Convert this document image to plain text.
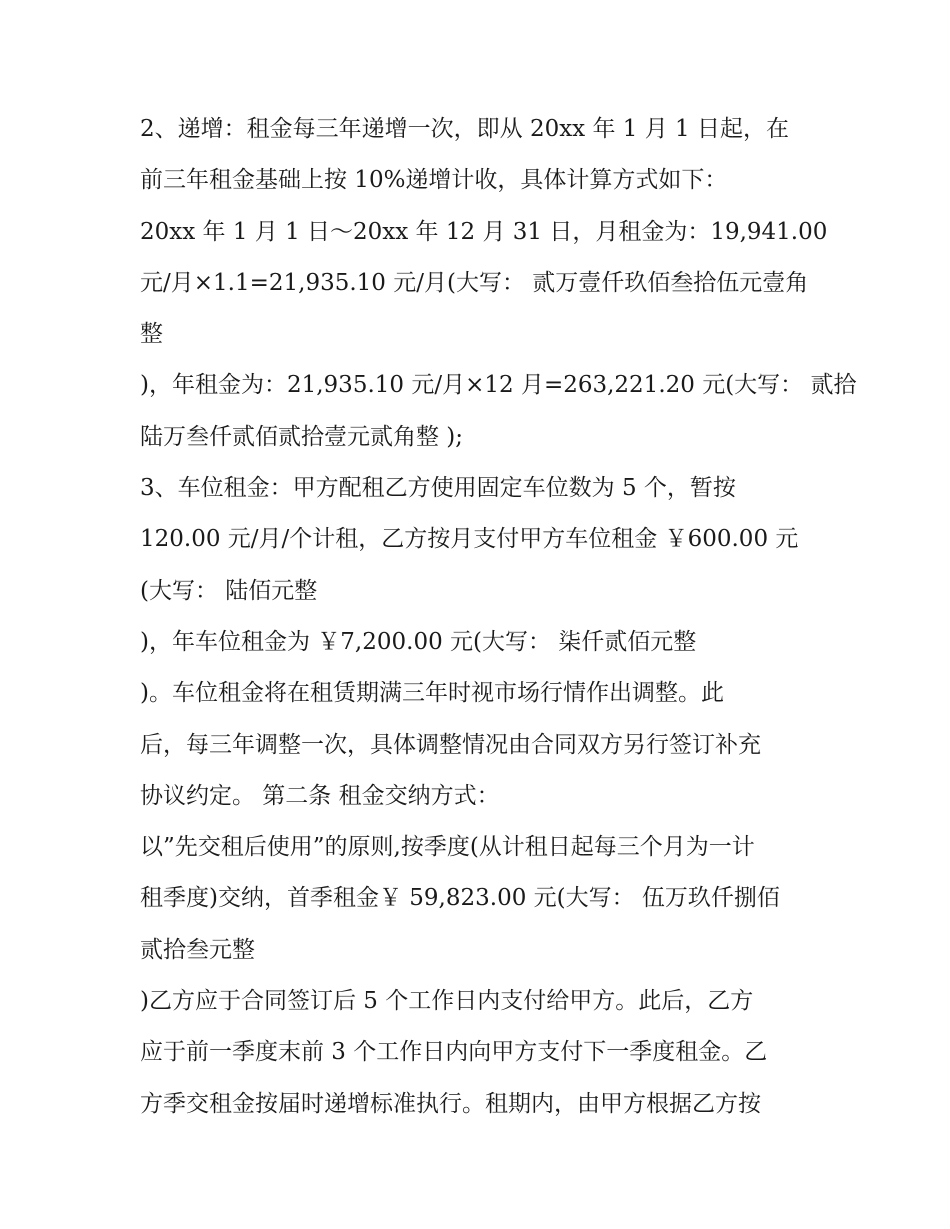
2、递增：租金每三年递增一次，即从 20xx 年 1 月 1 日起，在
前三年租金基础上按 10%递增计收，具体计算方式如下：
20xx 年 1 月 1 日～20xx 年 12 月 31 日，月租金为：19,941.00
元/月×1.1=21,935.10 元/月(大写： 贰万壹仟玖佰叁拾伍元壹角
整
)，年租金为：21,935.10 元/月×12 月=263,221.20 元(大写： 贰拾
陆万叁仟贰佰贰拾壹元贰角整 );
3、车位租金：甲方配租乙方使用固定车位数为 5 个，暂按
120.00 元/月/个计租，乙方按月支付甲方车位租金 ￥600.00 元
(大写： 陆佰元整
)，年车位租金为 ￥7,200.00 元(大写： 柒仟贰佰元整
)。车位租金将在租赁期满三年时视市场行情作出调整。此
后，每三年调整一次，具体调整情况由合同双方另行签订补充
协议约定。 第二条 租金交纳方式：
以”先交租后使用”的原则,按季度(从计租日起每三个月为一计
租季度)交纳，首季租金￥ 59,823.00 元(大写： 伍万玖仟捌佰
贰拾叁元整
)乙方应于合同签订后 5 个工作日内支付给甲方。此后，乙方
应于前一季度末前 3 个工作日内向甲方支付下一季度租金。乙
方季交租金按届时递增标准执行。租期内，由甲方根据乙方按
